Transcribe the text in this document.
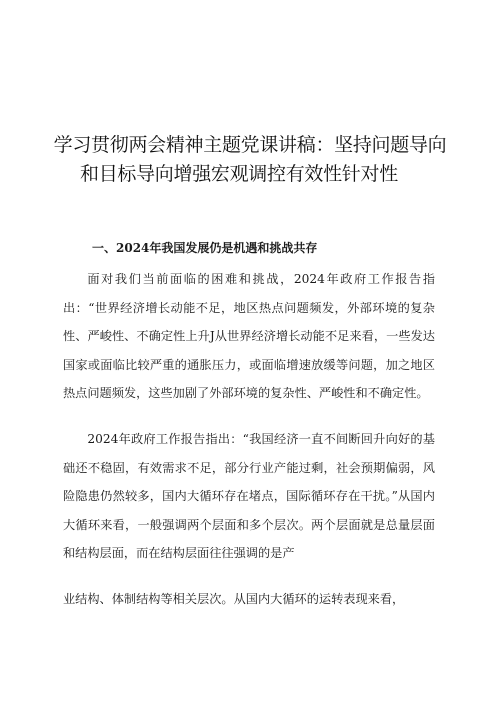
学习贯彻两会精神主题党课讲稿：坚持问题导向
和目标导向增强宏观调控有效性针对性
一、2024年我国发展仍是机遇和挑战共存

面对我们当前面临的困难和挑战，2024年政府工作报告指出：“世界经济增长动能不足，地区热点问题频发，外部环境的复杂性、严峻性、不确定性上升J从世界经济增长动能不足来看，一些发达国家或面临比较严重的通胀压力，或面临增速放缓等问题，加之地区热点问题频发，这些加剧了外部环境的复杂性、严峻性和不确定性。

2024年政府工作报告指出：“我国经济一直不间断回升向好的基础还不稳固，有效需求不足，部分行业产能过剩，社会预期偏弱，风险隐患仍然较多，国内大循环存在堵点，国际循环存在干扰。”从国内大循环来看，一般强调两个层面和多个层次。两个层面就是总量层面和结构层面，而在结构层面往往强调的是产

业结构、体制结构等相关层次。从国内大循环的运转表现来看，
